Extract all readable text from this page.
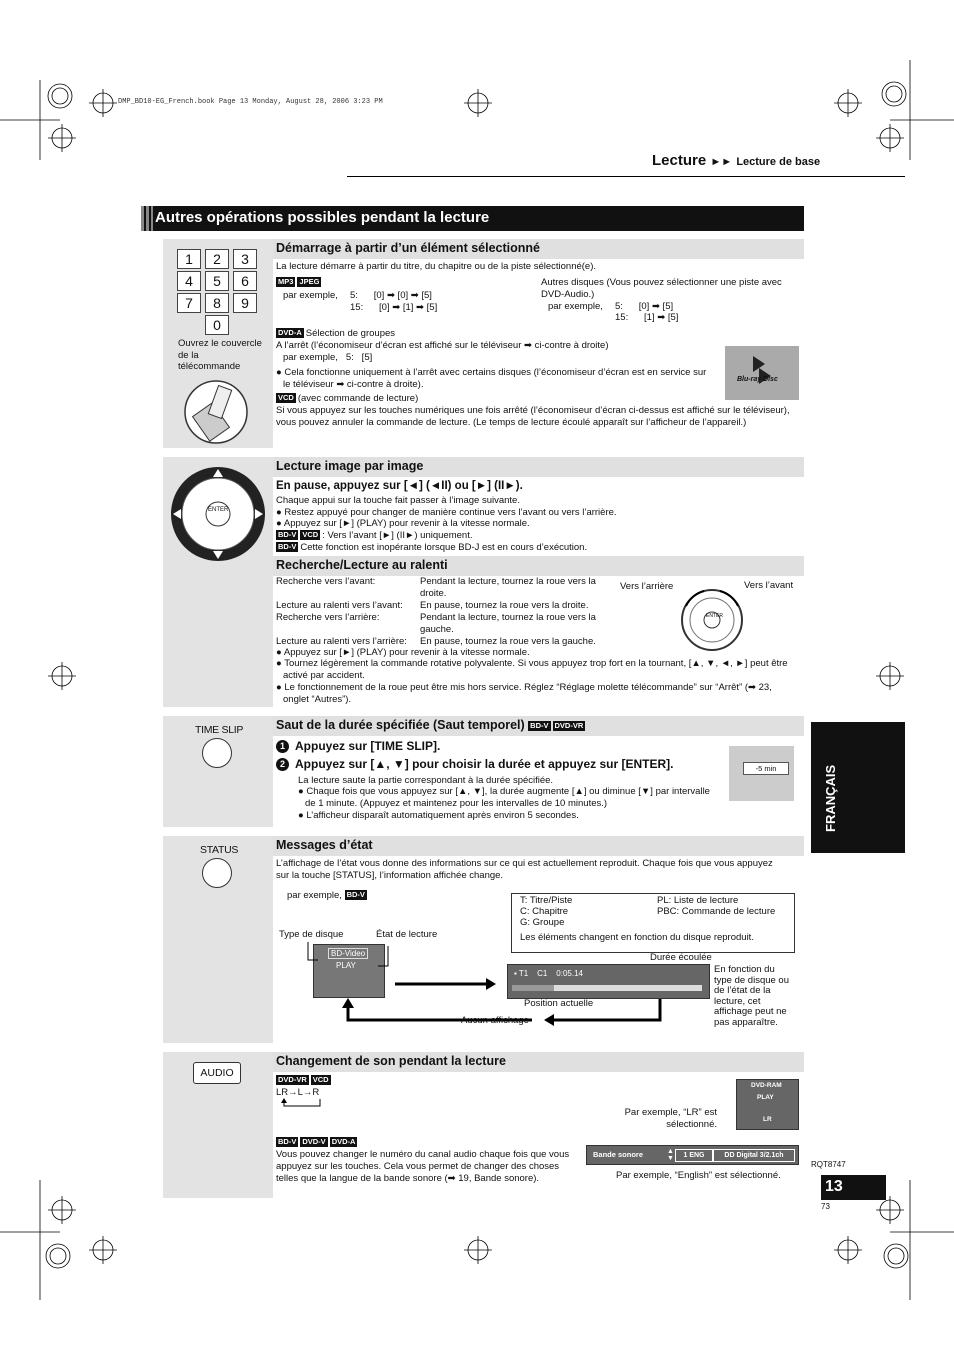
DMP_BD10-EG_French.book Page 13 Monday, August 28, 2006 3:23 PM
Lecture ►► Lecture de base
Autres opérations possibles pendant la lecture
1	2	3
4	5	6
7	8	9
0
Ouvrez le couvercle de la télécommande
Démarrage à partir d’un élément sélectionné
La lecture démarre à partir du titre, du chapitre ou de la piste sélectionné(e).
MP3 JPEG
par exemple, 5:      [0] ➡ [0] ➡ [5]
15:      [0] ➡ [1] ➡ [5]
Autres disques (Vous pouvez sélectionner une piste avec DVD-Audio.)
par exemple, 5:      [0] ➡ [5]
15:      [1] ➡ [5]
DVD-A Sélection de groupes
A l’arrêt (l’économiseur d’écran est affiché sur le téléviseur ➡ ci-contre à droite)
par exemple,   5:   [5]
● Cela fonctionne uniquement à l’arrêt avec certains disques (l’économiseur d’écran est en service sur le téléviseur ➡ ci-contre à droite).	Blu-ray Disc
VCD (avec commande de lecture)
Si vous appuyez sur les touches numériques une fois arrêté (l’économiseur d’écran ci-dessus est affiché sur le téléviseur), vous pouvez annuler la commande de lecture. (Le temps de lecture écoulé apparaît sur l’afficheur de l’appareil.)
ENTER
Lecture image par image
En pause, appuyez sur [◄] (◄II) ou [►] (II►).
Chaque appui sur la touche fait passer à l’image suivante.
● Restez appuyé pour changer de manière continue vers l’avant ou vers l’arrière.
● Appuyez sur [►] (PLAY) pour revenir à la vitesse normale.
BD-V VCD : Vers l’avant [►] (II►) uniquement.
BD-V Cette fonction est inopérante lorsque BD-J est en cours d’exécution.
Recherche/Lecture au ralenti
Recherche vers l’avant:	Pendant la lecture, tournez la roue vers la droite.
Lecture au ralenti vers l’avant:	En pause, tournez la roue vers la droite.
Recherche vers l’arrière:	Pendant la lecture, tournez la roue vers la gauche.
Lecture au ralenti vers l’arrière:	En pause, tournez la roue vers la gauche.
Vers l’arrière	Vers l’avant
ENTER
● Appuyez sur [►] (PLAY) pour revenir à la vitesse normale.
● Tournez légèrement la commande rotative polyvalente. Si vous appuyez trop fort en la tournant, [▲, ▼, ◄, ►] peut être activé par accident.
● Le fonctionnement de la roue peut être mis hors service. Réglez “Réglage molette télécommande” sur “Arrêt” (➡ 23, onglet “Autres”).
TIME SLIP	Saut de la durée spécifiée (Saut temporel) BD-V DVD-VR
1 Appuyez sur [TIME SLIP].
2 Appuyez sur [▲, ▼] pour choisir la durée et appuyez sur [ENTER].
La lecture saute la partie correspondant à la durée spécifiée.
● Chaque fois que vous appuyez sur [▲, ▼], la durée augmente [▲] ou diminue [▼] par intervalle de 1 minute. (Appuyez et maintenez pour les intervalles de 10 minutes.)
● L’afficheur disparaît automatiquement après environ 5 secondes.
-5 min
STATUS	Messages d’état
L’affichage de l’état vous donne des informations sur ce qui est actuellement reproduit. Chaque fois que vous appuyez sur la touche [STATUS], l’information affichée change.
par exemple, BD-V
T: Titre/Piste
C: Chapitre
G: Groupe
PL: Liste de lecture
PBC: Commande de lecture
Les éléments changent en fonction du disque reproduit.
Type de disque	État de lecture
BD-Video
PLAY
▪ T1 C1 0:05.14
Durée écoulée
Position actuelle
Aucun affichage
En fonction du type de disque ou de l’état de la lecture, cet affichage peut ne pas apparaître.
AUDIO
Changement de son pendant la lecture
DVD-VR VCD
LR→L→R
BD-V DVD-V DVD-A
Vous pouvez changer le numéro du canal audio chaque fois que vous appuyez sur les touches. Cela vous permet de changer des choses telles que la langue de la bande sonore (➡ 19, Bande sonore).
Par exemple, “LR” est sélectionné.
DVD-RAM
PLAY
LR
Bande sonore	▲
▼	1 ENG	DD Digital 3/2.1ch
Par exemple, “English” est sélectionné.
FRANÇAIS
RQT8747
13
73
